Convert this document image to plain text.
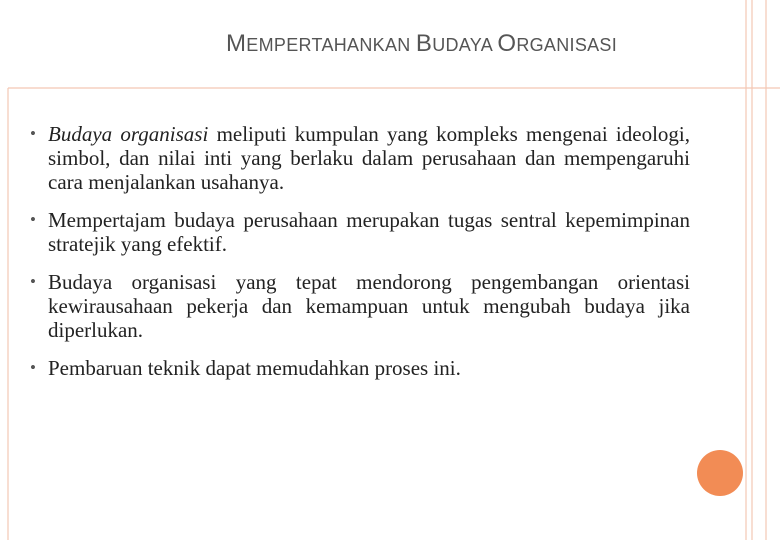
MEMPERTAHANKAN BUDAYA ORGANISASI
• Budaya organisasi meliputi kumpulan yang kompleks mengenai ideologi, simbol, dan nilai inti yang berlaku dalam perusahaan dan mempengaruhi cara menjalankan usahanya.
• Mempertajam budaya perusahaan merupakan tugas sentral kepemimpinan stratejik yang efektif.
• Budaya organisasi yang tepat mendorong pengembangan orientasi kewirausahaan pekerja dan kemampuan untuk mengubah budaya jika diperlukan.
• Pembaruan teknik dapat memudahkan proses ini.
